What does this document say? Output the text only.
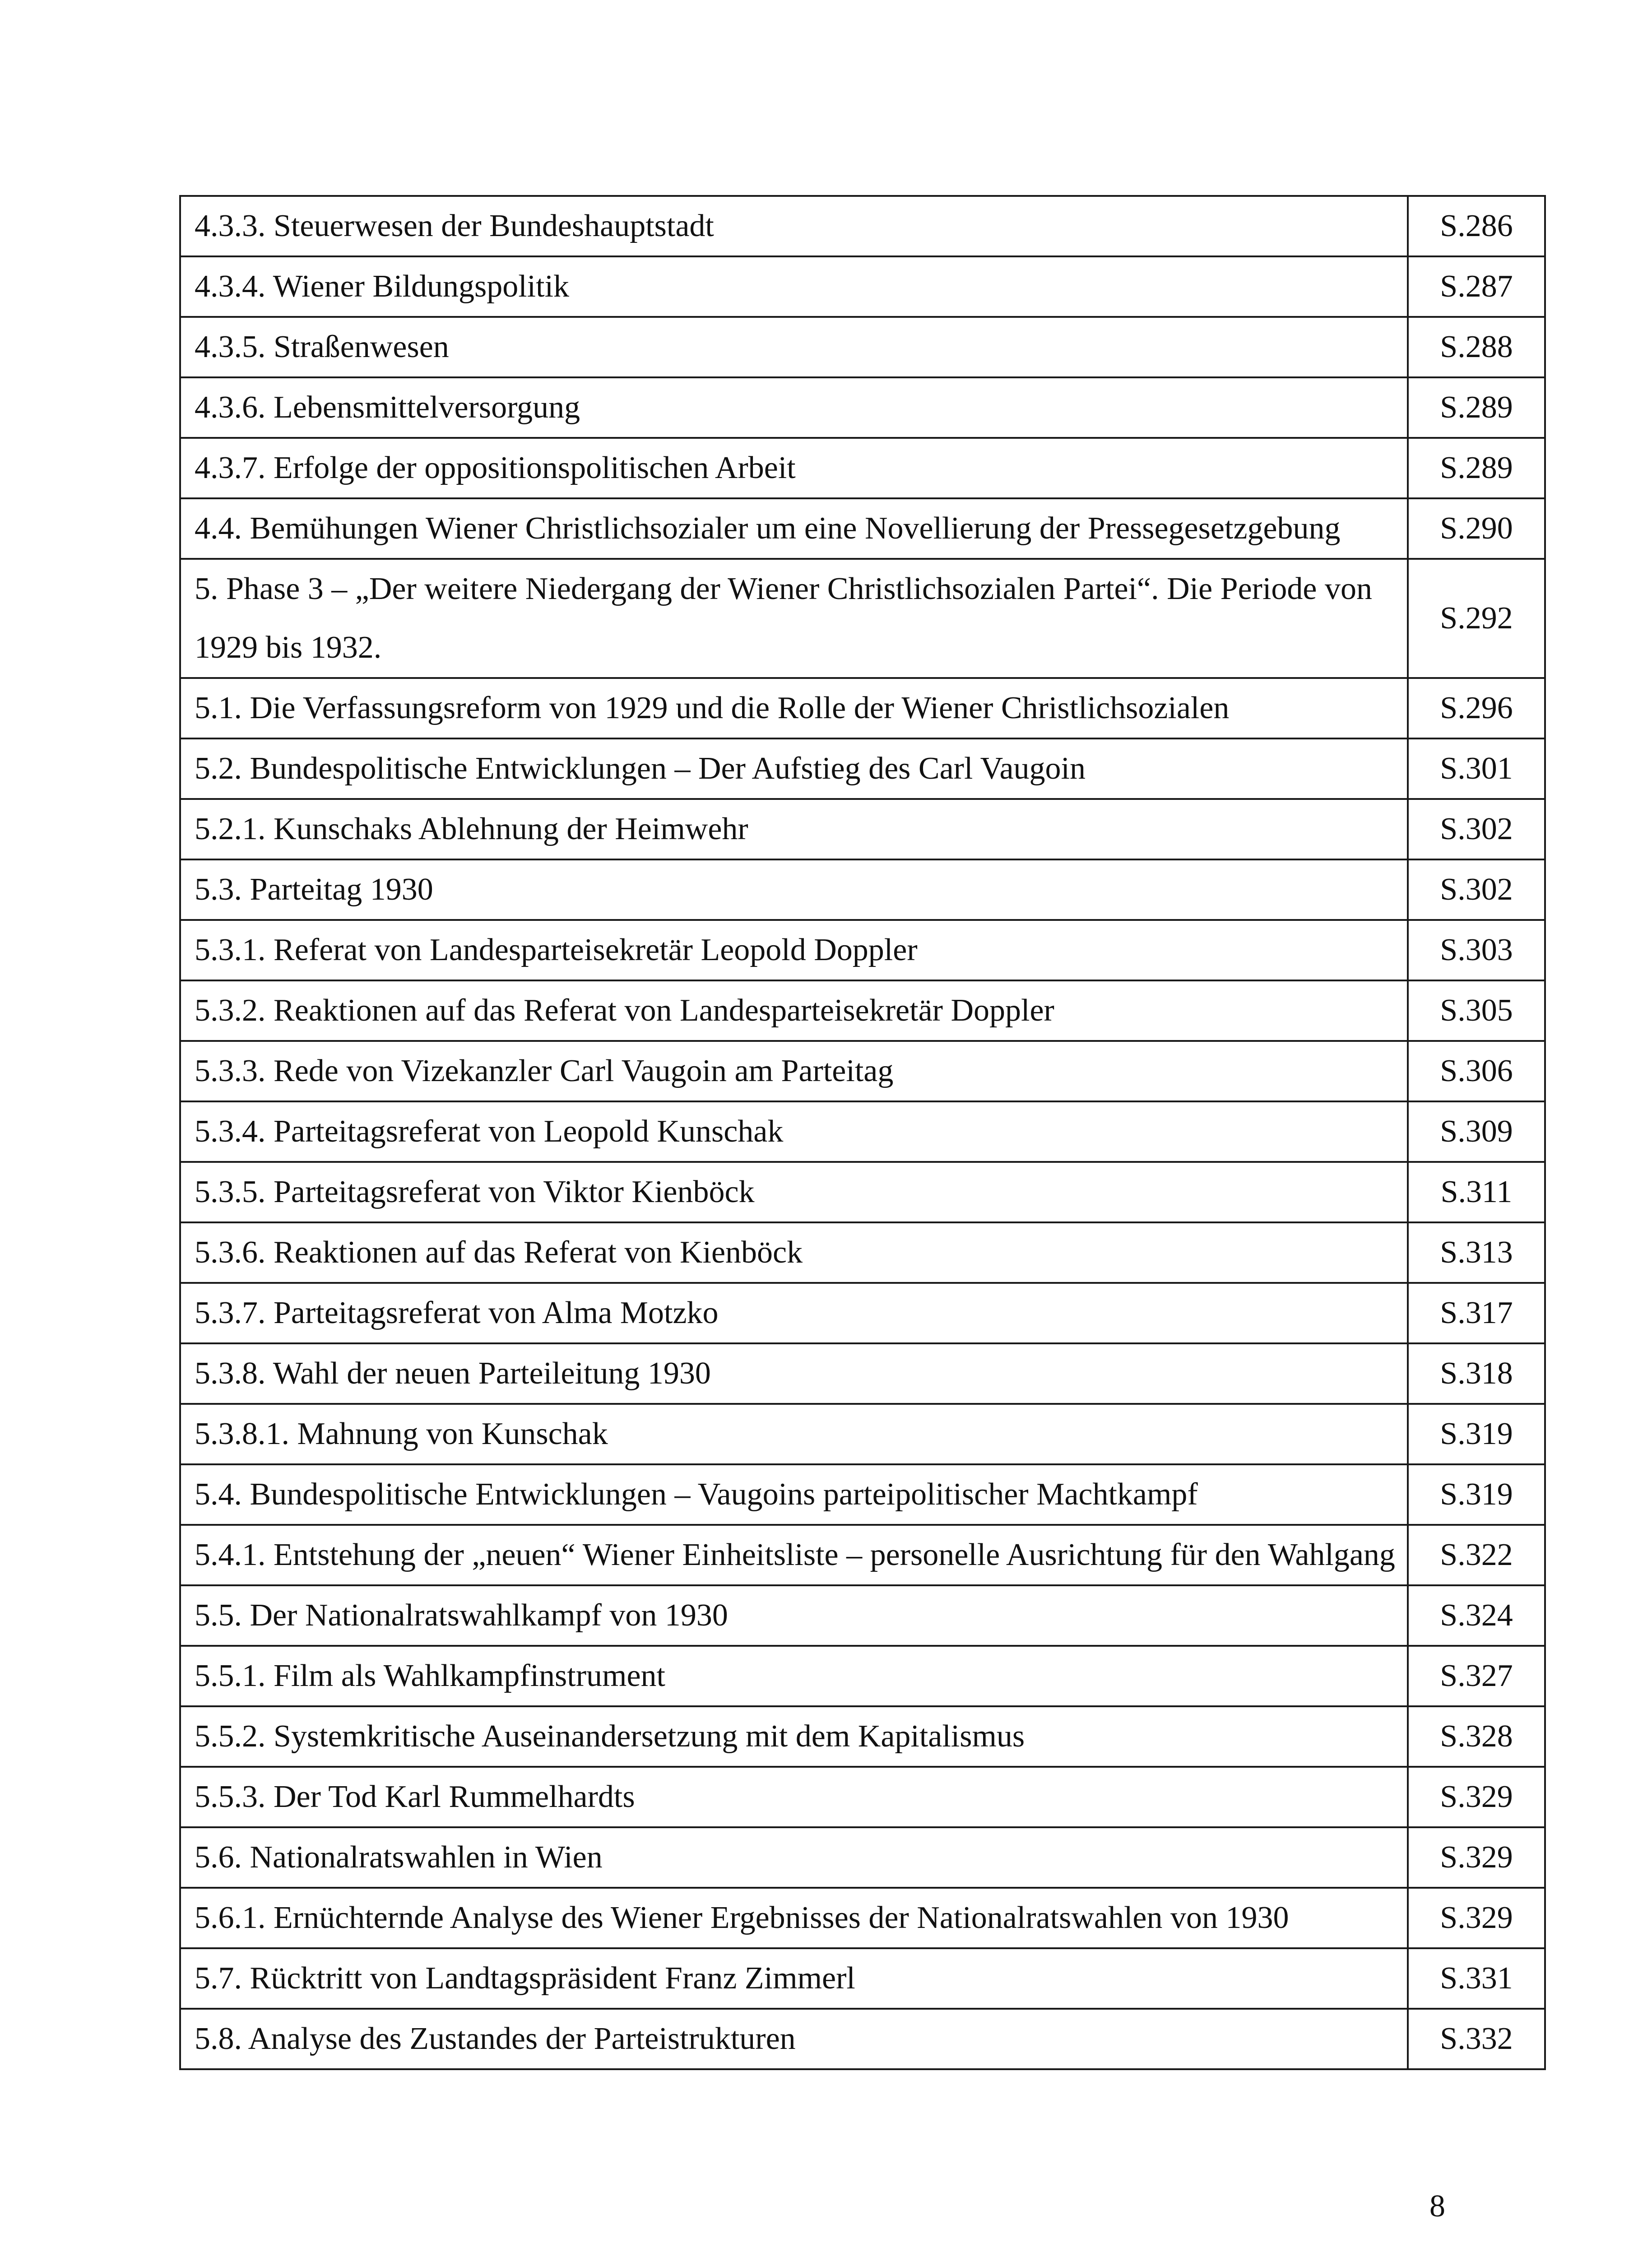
4.3.3. Steuerwesen der Bundeshauptstadt	S.286
4.3.4. Wiener Bildungspolitik	S.287
4.3.5. Straßenwesen	S.288
4.3.6. Lebensmittelversorgung	S.289
4.3.7. Erfolge der oppositionspolitischen Arbeit	S.289
4.4. Bemühungen Wiener Christlichsozialer um eine Novellierung der Pressegesetzgebung	S.290
5. Phase 3 – „Der weitere Niedergang der Wiener Christlichsozialen Partei“. Die Periode von 1929 bis 1932.	S.292
5.1. Die Verfassungsreform von 1929 und die Rolle der Wiener Christlichsozialen	S.296
5.2. Bundespolitische Entwicklungen – Der Aufstieg des Carl Vaugoin	S.301
5.2.1. Kunschaks Ablehnung der Heimwehr	S.302
5.3. Parteitag 1930	S.302
5.3.1. Referat von Landesparteisekretär Leopold Doppler	S.303
5.3.2. Reaktionen auf das Referat von Landesparteisekretär Doppler	S.305
5.3.3. Rede von Vizekanzler Carl Vaugoin am Parteitag	S.306
5.3.4. Parteitagsreferat von Leopold Kunschak	S.309
5.3.5. Parteitagsreferat von Viktor Kienböck	S.311
5.3.6. Reaktionen auf das Referat von Kienböck	S.313
5.3.7. Parteitagsreferat von Alma Motzko	S.317
5.3.8. Wahl der neuen Parteileitung 1930	S.318
5.3.8.1. Mahnung von Kunschak	S.319
5.4. Bundespolitische Entwicklungen – Vaugoins parteipolitischer Machtkampf	S.319
5.4.1. Entstehung der „neuen“ Wiener Einheitsliste – personelle Ausrichtung für den Wahlgang	S.322
5.5. Der Nationalratswahlkampf von 1930	S.324
5.5.1. Film als Wahlkampfinstrument	S.327
5.5.2. Systemkritische Auseinandersetzung mit dem Kapitalismus	S.328
5.5.3. Der Tod Karl Rummelhardts	S.329
5.6. Nationalratswahlen in Wien	S.329
5.6.1. Ernüchternde Analyse des Wiener Ergebnisses der Nationalratswahlen von 1930	S.329
5.7. Rücktritt von Landtagspräsident Franz Zimmerl	S.331
5.8. Analyse des Zustandes der Parteistrukturen	S.332
8
